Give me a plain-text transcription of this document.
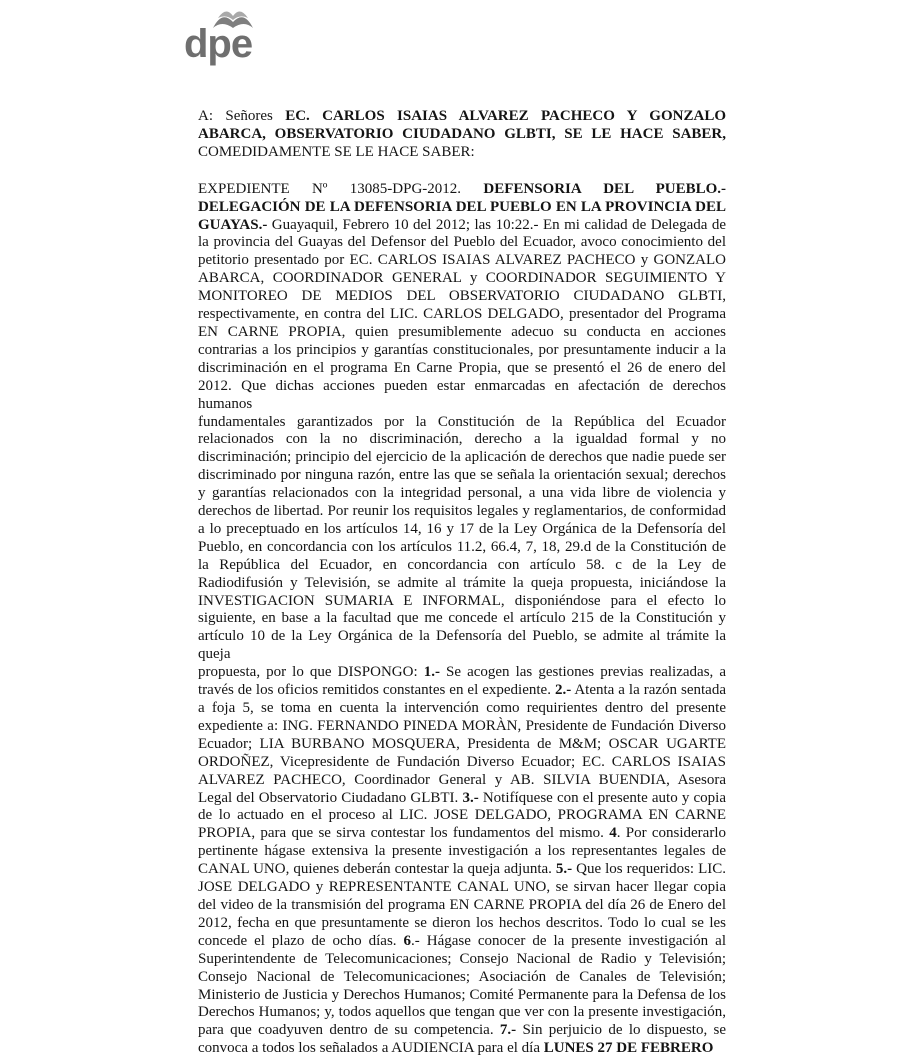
dpe

A: Señores EC. CARLOS ISAIAS ALVAREZ PACHECO Y GONZALO

ABARCA, OBSERVATORIO CIUDADANO GLBTI, SE LE HACE SABER,

COMEDIDAMENTE SE LE HACE SABER:

EXPEDIENTE Nº 13085-DPG-2012. DEFENSORIA DEL PUEBLO.-

DELEGACIÓN DE LA DEFENSORIA DEL PUEBLO EN LA PROVINCIA DEL

GUAYAS.- Guayaquil, Febrero 10 del 2012; las 10:22.- En mi calidad de Delegada de

la provincia del Guayas del Defensor del Pueblo del Ecuador, avoco conocimiento del

petitorio presentado por EC. CARLOS ISAIAS ALVAREZ PACHECO y GONZALO

ABARCA, COORDINADOR GENERAL y COORDINADOR SEGUIMIENTO Y

MONITOREO DE MEDIOS DEL OBSERVATORIO CIUDADANO GLBTI,

respectivamente, en contra del LIC. CARLOS DELGADO, presentador del Programa

EN CARNE PROPIA, quien presumiblemente adecuo su conducta en acciones

contrarias a los principios y garantías constitucionales, por presuntamente inducir a la

discriminación en el programa En Carne Propia, que se presentó el 26 de enero del

2012. Que dichas acciones pueden estar enmarcadas en afectación de derechos humanos

fundamentales garantizados por la Constitución de la República del Ecuador

relacionados con la no discriminación, derecho a la igualdad formal y no

discriminación; principio del ejercicio de la aplicación de derechos que nadie puede ser

discriminado por ninguna razón, entre las que se señala la orientación sexual; derechos

y garantías relacionados con la integridad personal, a una vida libre de violencia y

derechos de libertad. Por reunir los requisitos legales y reglamentarios, de conformidad

a lo preceptuado en los artículos 14, 16 y 17 de la Ley Orgánica de la Defensoría del

Pueblo, en concordancia con los artículos 11.2, 66.4, 7, 18, 29.d de la Constitución de

la República del Ecuador, en concordancia con artículo 58. c de la Ley de

Radiodifusión y Televisión, se admite al trámite la queja propuesta, iniciándose la

INVESTIGACION SUMARIA E INFORMAL, disponiéndose para el efecto lo

siguiente, en base a la facultad que me concede el artículo 215 de la Constitución y

artículo 10 de la Ley Orgánica de la Defensoría del Pueblo, se admite al trámite la queja

propuesta, por lo que DISPONGO: 1.- Se acogen las gestiones previas realizadas, a

través de los oficios remitidos constantes en el expediente. 2.- Atenta a la razón sentada

a foja 5, se toma en cuenta la intervención como requirientes dentro del presente

expediente a: ING. FERNANDO PINEDA MORÀN, Presidente de Fundación Diverso

Ecuador; LIA BURBANO MOSQUERA, Presidenta de M&M; OSCAR UGARTE

ORDOÑEZ, Vicepresidente de Fundación Diverso Ecuador; EC. CARLOS ISAIAS

ALVAREZ PACHECO, Coordinador General y AB. SILVIA BUENDIA, Asesora

Legal del Observatorio Ciudadano GLBTI. 3.- Notifíquese con el presente auto y copia

de lo actuado en el proceso al LIC. JOSE DELGADO, PROGRAMA EN CARNE

PROPIA, para que se sirva contestar los fundamentos del mismo. 4. Por considerarlo

pertinente hágase extensiva la presente investigación a los representantes legales de

CANAL UNO, quienes deberán contestar la queja adjunta. 5.- Que los requeridos: LIC.

JOSE DELGADO y REPRESENTANTE CANAL UNO, se sirvan hacer llegar copia

del video de la transmisión del programa EN CARNE PROPIA del día 26 de Enero del

2012, fecha en que presuntamente se dieron los hechos descritos. Todo lo cual se les

concede el plazo de ocho días. 6.- Hágase conocer de la presente investigación al

Superintendente de Telecomunicaciones; Consejo Nacional de Radio y Televisión;

Consejo Nacional de Telecomunicaciones; Asociación de Canales de Televisión;

Ministerio de Justicia y Derechos Humanos; Comité Permanente para la Defensa de los

Derechos Humanos; y, todos aquellos que tengan que ver con la presente investigación,

para que coadyuven dentro de su competencia. 7.- Sin perjuicio de lo dispuesto, se

convoca a todos los señalados a AUDIENCIA para el día LUNES 27 DE FEBRERO
